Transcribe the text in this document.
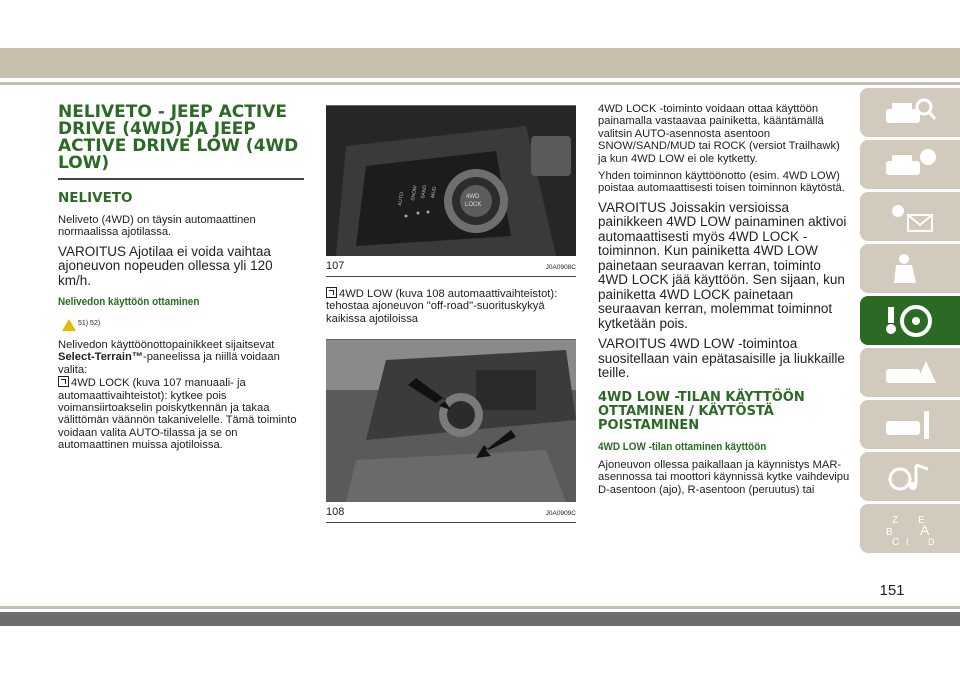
NELIVETO - JEEP ACTIVE DRIVE (4WD) JA JEEP ACTIVE DRIVE LOW (4WD LOW)
NELIVETO

Neliveto (4WD) on täysin automaattinen normaalissa ajotilassa.

VAROITUS Ajotilaa ei voida vaihtaa ajoneuvon nopeuden ollessa yli 120 km/h.

Nelivedon käyttöön ottaminen

51) 52)

Nelivedon käyttöönottopainikkeet sijaitsevat Select-Terrain™-paneelissa ja niillä voidaan valita:
4WD LOCK (kuva 107 manuaali- ja automaattivaihteistot): kytkee pois voimansiirtoakselin poiskytkennän ja takaa välittömän väännön takanivelelle. Tämä toiminto voidaan valita AUTO-tilassa ja se on automaattinen muissa ajotiloissa.

4WD
LOCK
AUTO SNOW SAND MUD
107	J0A0908C

4WD LOW (kuva 108 automaattivaihteistot): tehostaa ajoneuvon "off-road"-suorituskykyä kaikissa ajotiloissa

108	J0A0909C

4WD LOCK -toiminto voidaan ottaa käyttöön painamalla vastaavaa painiketta, kääntämällä valitsin AUTO-asennosta asentoon SNOW/SAND/MUD tai ROCK (versiot Trailhawk) ja kun 4WD LOW ei ole kytketty.

Yhden toiminnon käyttöönotto (esim. 4WD LOW) poistaa automaattisesti toisen toiminnon käytöstä.

VAROITUS Joissakin versioissa painikkeen 4WD LOW painaminen aktivoi automaattisesti myös 4WD LOCK -toiminnon. Kun painiketta 4WD LOW painetaan seuraavan kerran, toiminto 4WD LOCK jää käyttöön. Sen sijaan, kun painiketta 4WD LOCK painetaan seuraavan kerran, molemmat toiminnot kytketään pois.

VAROITUS 4WD LOW -toimintoa suositellaan vain epätasaisille ja liukkaille teille.

4WD LOW -TILAN KÄYTTÖÖN OTTAMINEN / KÄYTÖSTÄ POISTAMINEN
4WD LOW -tilan ottaminen käyttöön

Ajoneuvon ollessa paikallaan ja käynnistys MAR-asennossa tai moottori käynnissä kytke vaihdevipu D-asentoon (ajo), R-asentoon (peruutus) tai

Z E
B A
C	D
I
151
